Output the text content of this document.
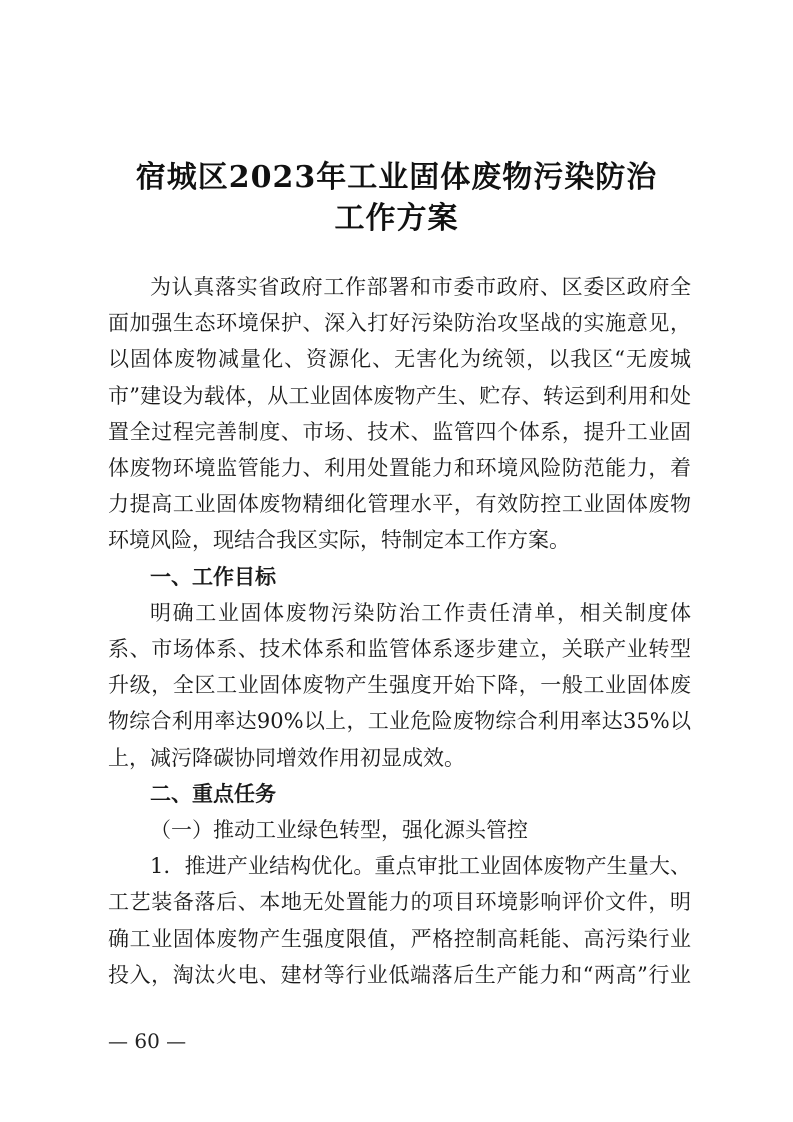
宿城区2023年工业固体废物污染防治
工作方案

为认真落实省政府工作部署和市委市政府、区委区政府全面加强生态环境保护、深入打好污染防治攻坚战的实施意见，以固体废物减量化、资源化、无害化为统领，以我区“无废城市”建设为载体，从工业固体废物产生、贮存、转运到利用和处置全过程完善制度、市场、技术、监管四个体系，提升工业固体废物环境监管能力、利用处置能力和环境风险防范能力，着力提高工业固体废物精细化管理水平，有效防控工业固体废物环境风险，现结合我区实际，特制定本工作方案。

一、工作目标

明确工业固体废物污染防治工作责任清单，相关制度体系、市场体系、技术体系和监管体系逐步建立，关联产业转型升级，全区工业固体废物产生强度开始下降，一般工业固体废物综合利用率达90%以上，工业危险废物综合利用率达35%以上，减污降碳协同增效作用初显成效。

二、重点任务

（一）推动工业绿色转型，强化源头管控

1．推进产业结构优化。重点审批工业固体废物产生量大、工艺装备落后、本地无处置能力的项目环境影响评价文件，明确工业固体废物产生强度限值，严格控制高耗能、高污染行业投入，淘汰火电、建材等行业低端落后生产能力和“两高”行业

— 60 —
